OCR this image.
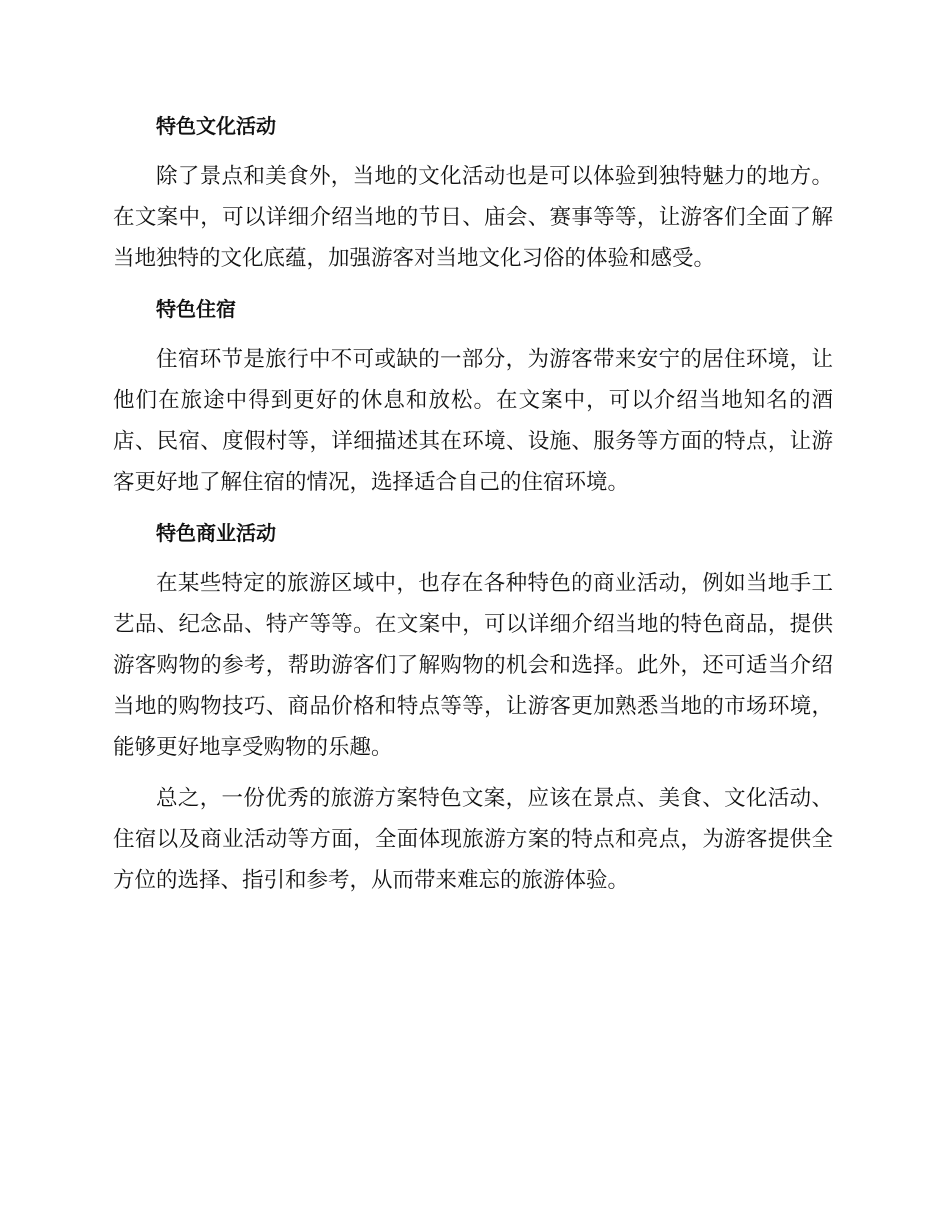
特色文化活动

除了景点和美食外，当地的文化活动也是可以体验到独特魅力的地方。在文案中，可以详细介绍当地的节日、庙会、赛事等等，让游客们全面了解当地独特的文化底蕴，加强游客对当地文化习俗的体验和感受。

特色住宿

住宿环节是旅行中不可或缺的一部分，为游客带来安宁的居住环境，让他们在旅途中得到更好的休息和放松。在文案中，可以介绍当地知名的酒店、民宿、度假村等，详细描述其在环境、设施、服务等方面的特点，让游客更好地了解住宿的情况，选择适合自己的住宿环境。

特色商业活动

在某些特定的旅游区域中，也存在各种特色的商业活动，例如当地手工艺品、纪念品、特产等等。在文案中，可以详细介绍当地的特色商品，提供游客购物的参考，帮助游客们了解购物的机会和选择。此外，还可适当介绍当地的购物技巧、商品价格和特点等等，让游客更加熟悉当地的市场环境，能够更好地享受购物的乐趣。

总之，一份优秀的旅游方案特色文案，应该在景点、美食、文化活动、住宿以及商业活动等方面，全面体现旅游方案的特点和亮点，为游客提供全方位的选择、指引和参考，从而带来难忘的旅游体验。
